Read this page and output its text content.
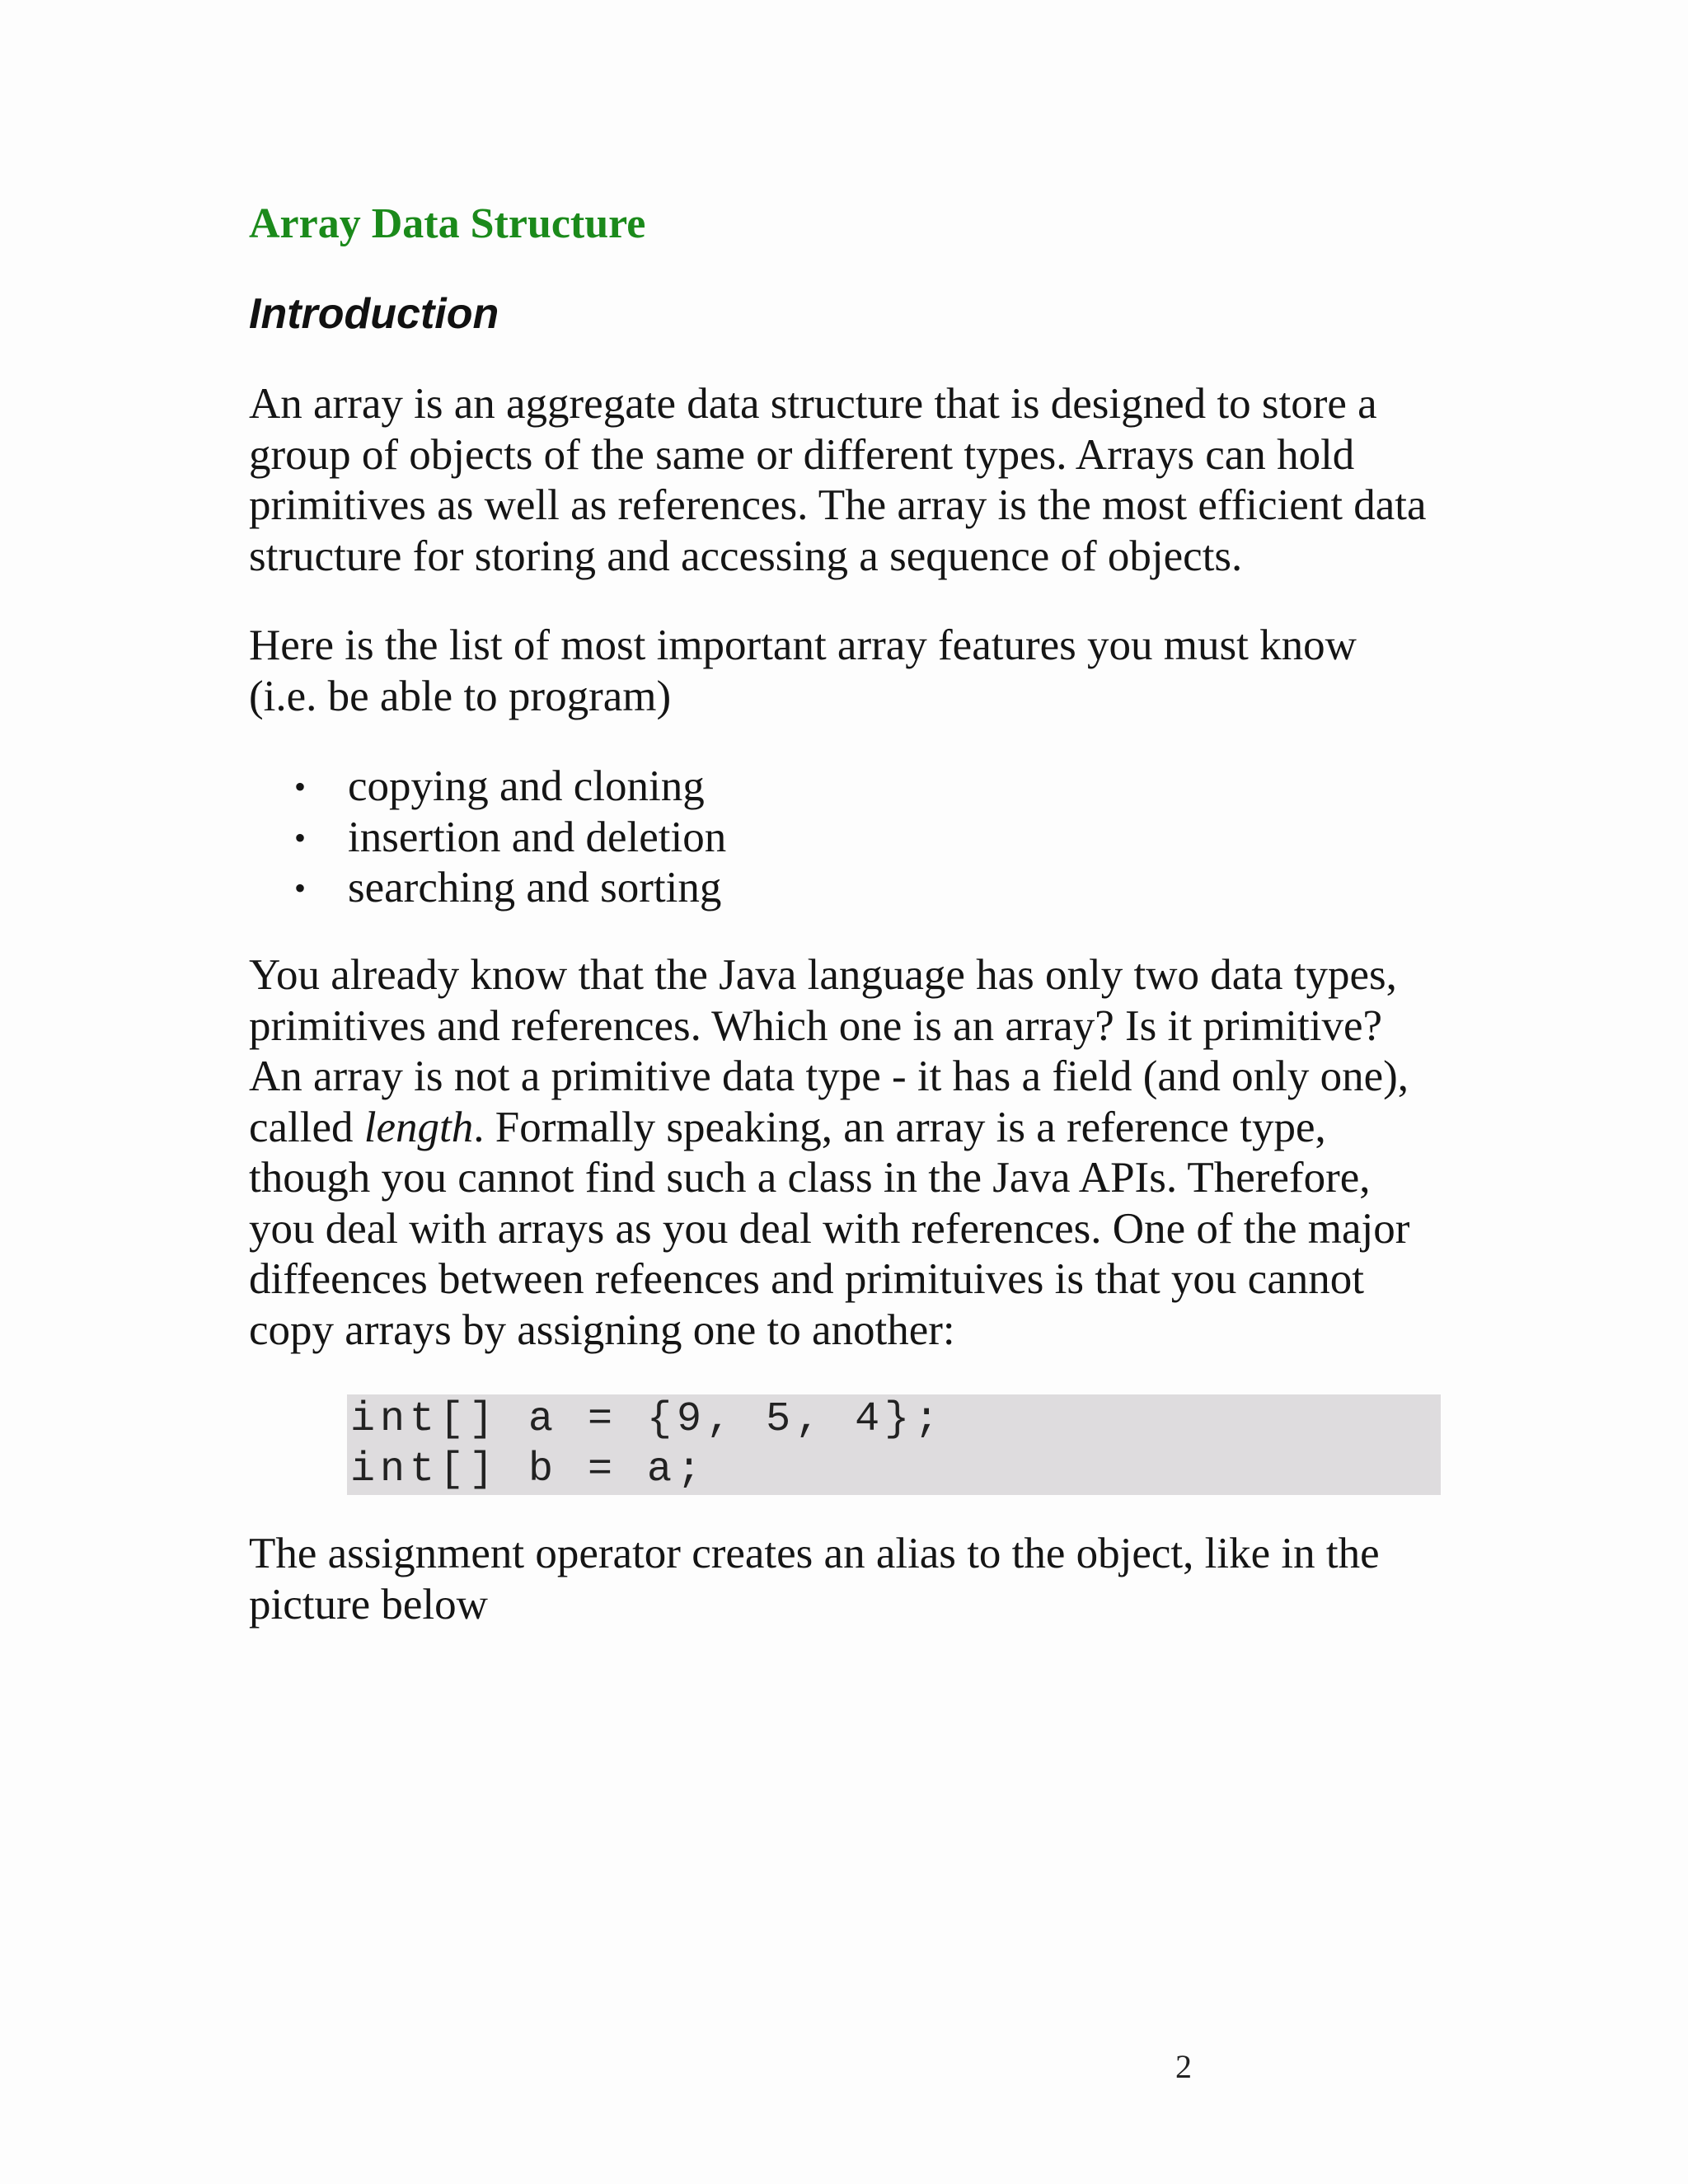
Array Data Structure
Introduction

An array is an aggregate data structure that is designed to store a
group of objects of the same or different types. Arrays can hold
primitives as well as references. The array is the most efficient data
structure for storing and accessing a sequence of objects.

Here is the list of most important array features you must know
(i.e. be able to program)

• copying and cloning
• insertion and deletion
• searching and sorting

You already know that the Java language has only two data types,
primitives and references. Which one is an array? Is it primitive?
An array is not a primitive data type - it has a field (and only one),
called length. Formally speaking, an array is a reference type,
though you cannot find such a class in the Java APIs. Therefore,
you deal with arrays as you deal with references. One of the major
diffeences between refeences and primituives is that you cannot
copy arrays by assigning one to another:

int[] a = {9, 5, 4};
int[] b = a;

The assignment operator creates an alias to the object, like in the
picture below

2
